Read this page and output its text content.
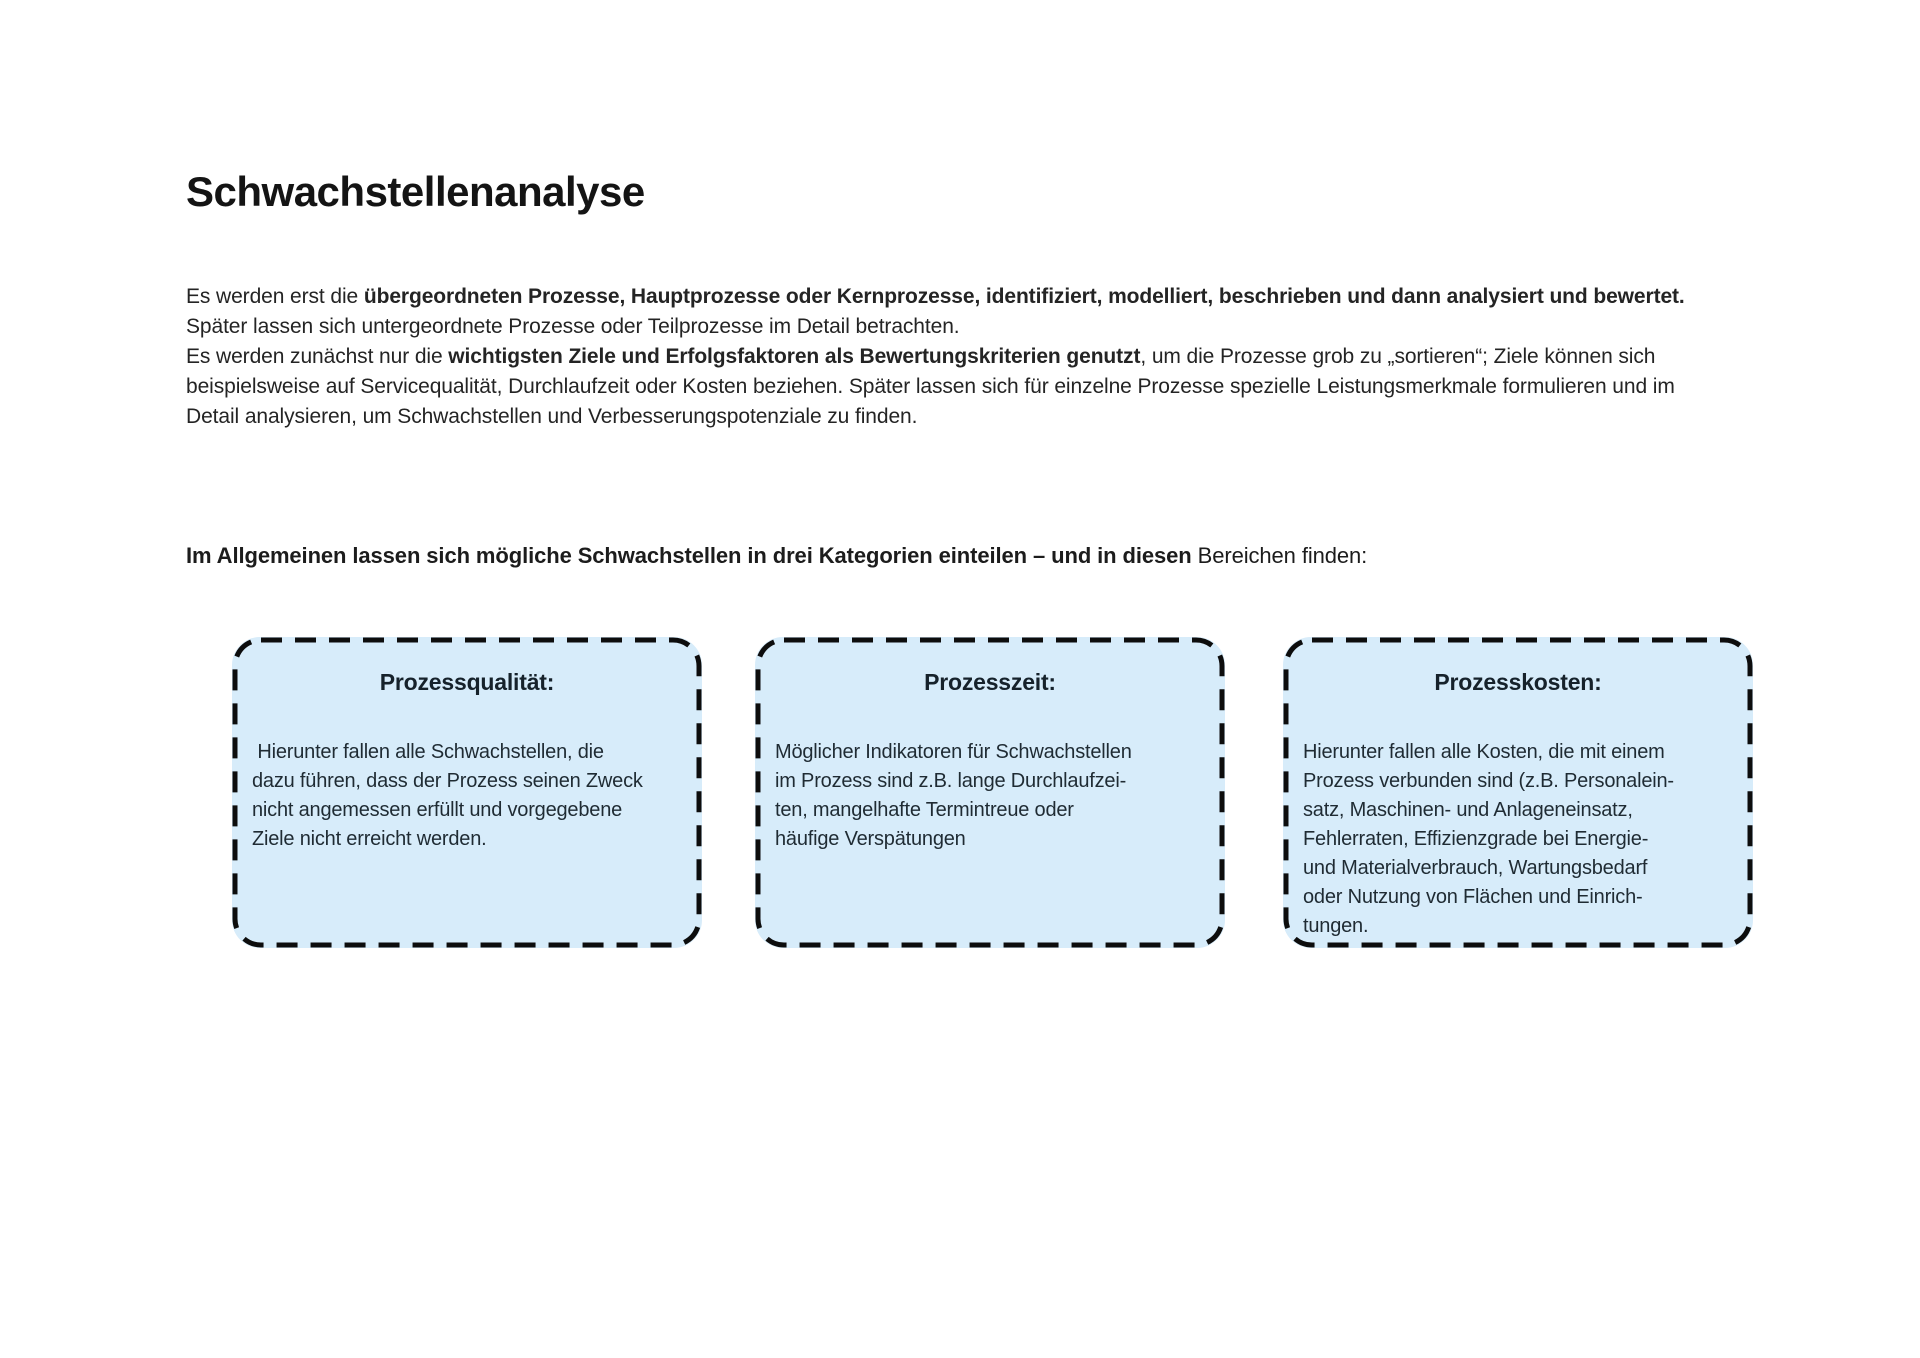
Schwachstellenanalyse

Es werden erst die übergeordneten Prozesse, Hauptprozesse oder Kernprozesse, identifiziert, modelliert, beschrieben und dann analysiert und bewertet. Später lassen sich untergeordnete Prozesse oder Teilprozesse im Detail betrachten.

Es werden zunächst nur die wichtigsten Ziele und Erfolgsfaktoren als Bewertungskriterien genutzt, um die Prozesse grob zu „sortieren“; Ziele können sich beispielsweise auf Servicequalität, Durchlaufzeit oder Kosten beziehen. Später lassen sich für einzelne Prozesse spezielle Leistungsmerkmale formulieren und im Detail analysieren, um Schwachstellen und Verbesserungspotenziale zu finden.

Im Allgemeinen lassen sich mögliche Schwachstellen in drei Kategorien einteilen – und in diesen Bereichen finden:
Prozessqualität:
Hierunter fallen alle Schwachstellen, die
dazu führen, dass der Prozess seinen Zweck
nicht angemessen erfüllt und vorgegebene
Ziele nicht erreicht werden.
Prozesszeit:
Möglicher Indikatoren für Schwachstellen
im Prozess sind z.B. lange Durchlaufzei-
ten, mangelhafte Termintreue oder
häufige Verspätungen
Prozesskosten:
Hierunter fallen alle Kosten, die mit einem
Prozess verbunden sind (z.B. Personalein-
satz, Maschinen- und Anlageneinsatz,
Fehlerraten, Effizienzgrade bei Energie-
und Materialverbrauch, Wartungsbedarf
oder Nutzung von Flächen und Einrich-
tungen.
